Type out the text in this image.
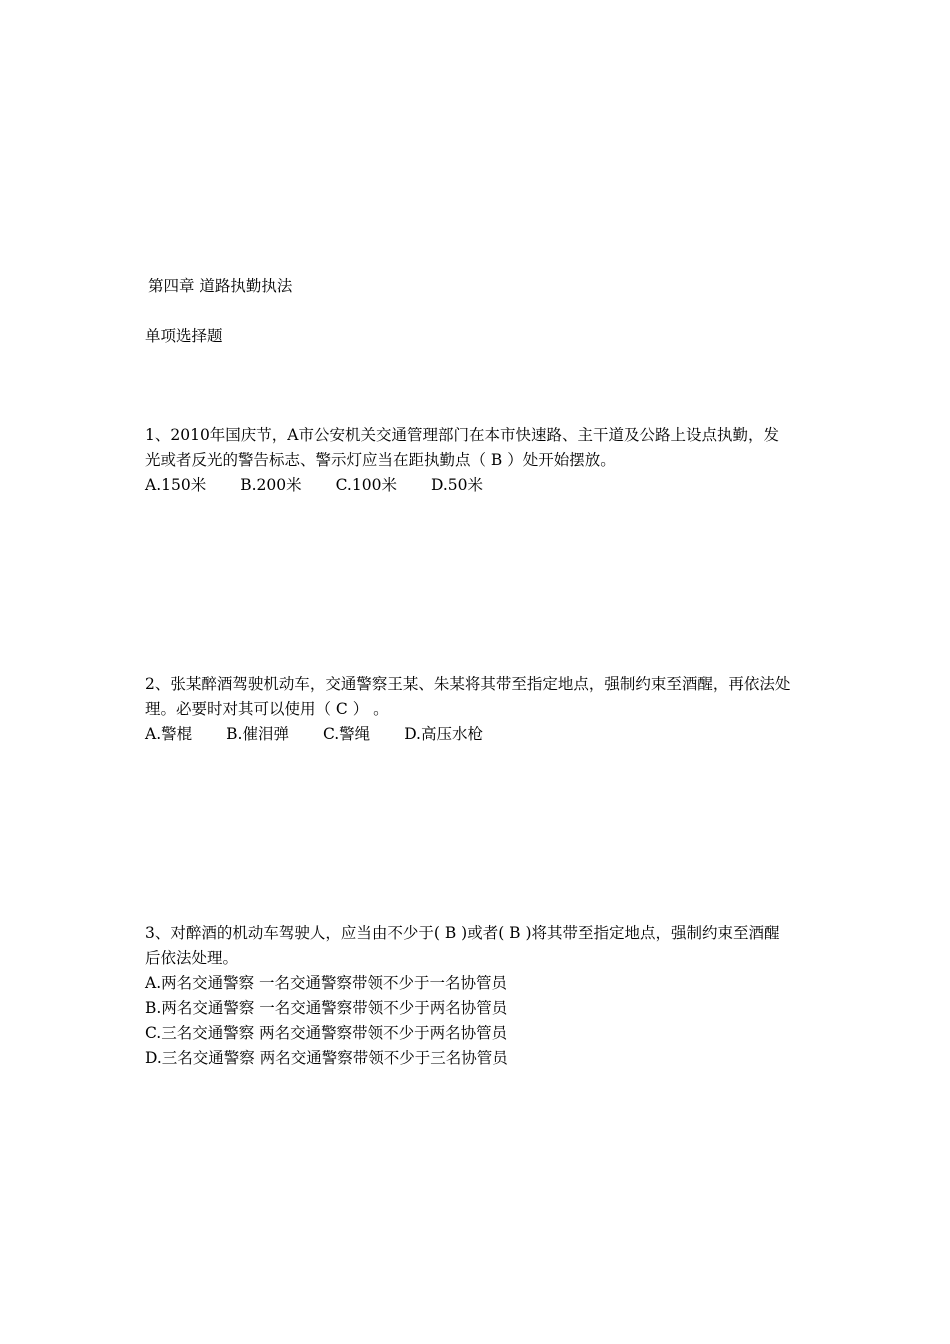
第四章 道路执勤执法
单项选择题
1、2010年国庆节，A市公安机关交通管理部门在本市快速路、主干道及公路上设点执勤，发
光或者反光的警告标志、警示灯应当在距执勤点（ B ）处开始摆放。
A.150米 B.200米 C.100米 D.50米
2、张某醉酒驾驶机动车，交通警察王某、朱某将其带至指定地点，强制约束至酒醒，再依法处
理。必要时对其可以使用（ C ） 。
A.警棍 B.催泪弹 C.警绳 D.高压水枪
3、对醉酒的机动车驾驶人，应当由不少于( B )或者( B )将其带至指定地点，强制约束至酒醒
后依法处理。
A.两名交通警察 一名交通警察带领不少于一名协管员
B.两名交通警察 一名交通警察带领不少于两名协管员
C.三名交通警察 两名交通警察带领不少于两名协管员
D.三名交通警察 两名交通警察带领不少于三名协管员
